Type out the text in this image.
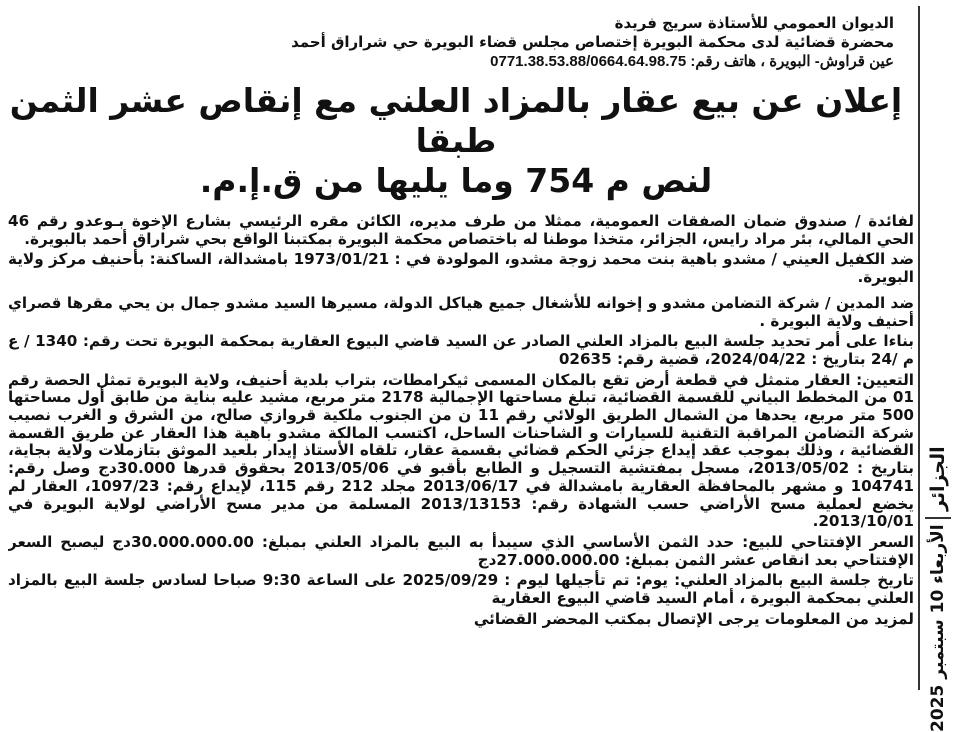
الجزائر
الأربعاء 10 سبتمبر 2025
الديوان العمومي للأستاذة سريج فريدة
محضرة قضائية لدى محكمة البويرة إختصاص مجلس قضاء البويرة حي شراراق أحمد
عين قراوش- البويرة ، هاتف رقم: 0771.38.53.88/0664.64.98.75
إعلان عن بيع عقار بالمزاد العلني مع إنقاص عشر الثمن طبقا
لنص م 754 وما يليها من ق.إ.م.

لفائدة / صندوق ضمان الصفقات العمومية، ممثلا من طرف مديره، الكائن مقره الرئيسي بشارع الإخوة بـوعدو رقم 46 الحي المالي، بئر مراد رايس، الجزائر، متخذا موطنا له باختصاص محكمة البويرة بمكتبنا الواقع بحي شراراق أحمد بالبويرة.

ضد الكفيل العيني / مشدو باهية بنت محمد زوجة مشدو، المولودة في : 1973/01/21 بامشدالة، الساكنة: بأحنيف مركز ولاية البويرة.

ضد المدين / شركة التضامن مشدو و إخوانه للأشغال جميع هياكل الدولة، مسيرها السيد مشدو جمال بن يحي مقرها قصراي أحنيف ولاية البويرة .

بناءا على أمر تحديد جلسة البيع بالمزاد العلني الصادر عن السيد قاضي البيوع العقارية بمحكمة البويرة تحت رقم: 1340 / ع م /24 بتاريخ : 2024/04/22، قضية رقم: 02635

التعيين: العقار متمثل في قطعة أرض تقع بالمكان المسمى ثيكرامطات، بتراب بلدية أحنيف، ولاية البويرة تمثل الحصة رقم 01 من المخطط البياني للقسمة القضائية، تبلغ مساحتها الإجمالية 2178 متر مربع، مشيد عليه بناية من طابق أول مساحتها 500 متر مربع، يحدها من الشمال الطريق الولائي رقم 11 ن من الجنوب ملكية قروازي صالح، من الشرق و الغرب نصيب شركة التضامن المراقبة التقنية للسيارات و الشاحنات الساحل، اكتسب المالكة مشدو باهية هذا العقار عن طريق القسمة القضائية ، وذلك بموجب عقد إيداع جزئي الحكم قضائي بقسمة عقار، تلقاه الأستاذ إيدار بلعيد الموثق بتازملات ولاية بجاية، بتاريخ : 2013/05/02، مسجل بمفتشية التسجيل و الطابع بأقبو في 2013/05/06 بحقوق قدرها 30.000دج وصل رقم: 104741 و مشهر بالمحافظة العقارية بامشدالة في 2013/06/17 مجلد 212 رقم 115، لإيداع رقم: 1097/23، العقار لم يخضع لعملية مسح الأراضي حسب الشهادة رقم: 2013/13153 المسلمة من مدير مسح الأراضي لولاية البويرة في 2013/10/01.

السعر الإفتتاحي للبيع: حدد الثمن الأساسي الذي سيبدأ به البيع بالمزاد العلني بمبلغ: 30.000.000.00دج ليصبح السعر الإفتتاحي بعد انقاص عشر الثمن بمبلغ: 27.000.000.00دج

تاريخ جلسة البيع بالمزاد العلني: يوم: تم تأجيلها ليوم : 2025/09/29 على الساعة 9:30 صباحا لسادس جلسة البيع بالمزاد العلني بمحكمة البويرة ، أمام السيد قاضي البيوع العقارية

لمزيد من المعلومات يرجى الإتصال بمكتب المحضر القضائي
